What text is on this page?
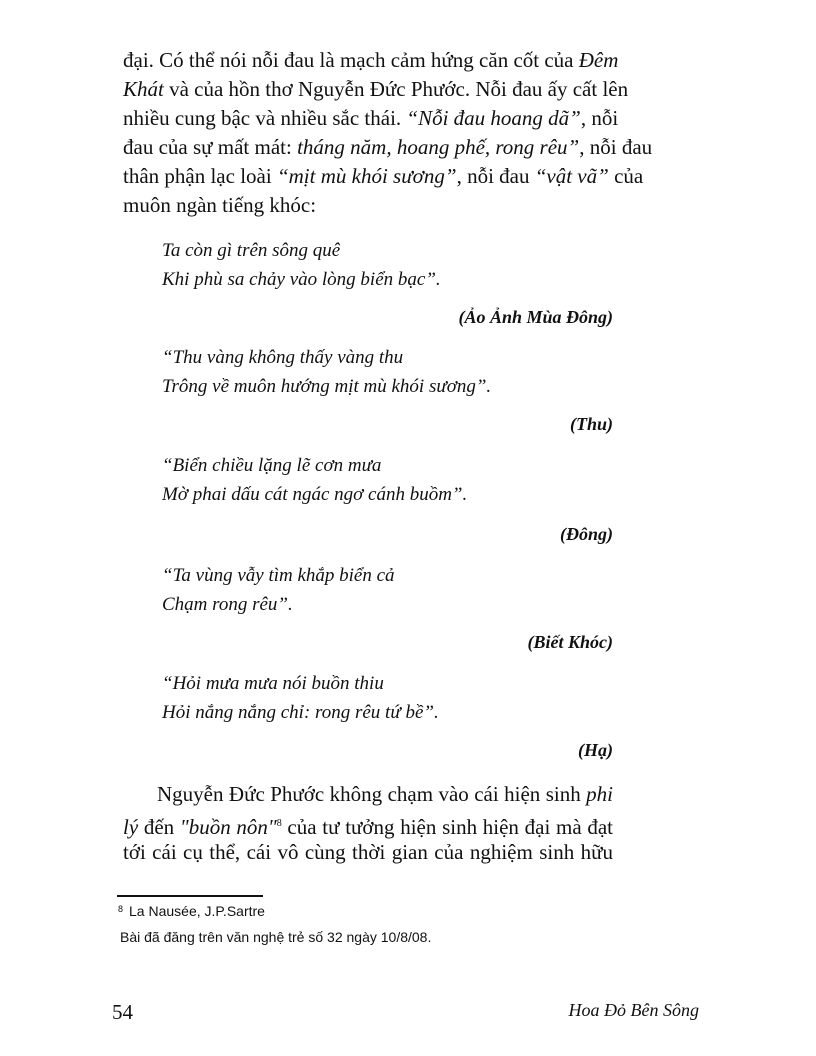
đại. Có thể nói nỗi đau là mạch cảm hứng căn cốt của Đêm
Khát và của hồn thơ Nguyễn Đức Phước. Nỗi đau ấy cất lên
nhiều cung bậc và nhiều sắc thái. “Nỗi đau hoang dã”, nỗi
đau của sự mất mát: tháng năm, hoang phế, rong rêu”, nỗi đau
thân phận lạc loài “mịt mù khói sương”, nỗi đau “vật vã” của
muôn ngàn tiếng khóc:
Ta còn gì trên sông quê
Khi phù sa chảy vào lòng biển bạc”.
(Ảo Ảnh Mùa Đông)
“Thu vàng không thấy vàng thu
Trông về muôn hướng mịt mù khói sương”.
(Thu)
“Biển chiều lặng lẽ cơn mưa
Mờ phai dấu cát ngác ngơ cánh buồm”.
(Đông)
“Ta vùng vẫy tìm khắp biển cả
Chạm rong rêu”.
(Biết Khóc)
“Hỏi mưa mưa nói buồn thiu
Hỏi nắng nắng chỉ: rong rêu tứ bề”.
(Hạ)
Nguyễn Đức Phước không chạm vào cái hiện sinh phi
lý đến "buồn nôn"$^8$ của tư tưởng hiện sinh hiện đại mà đạt
tới cái cụ thể, cái vô cùng thời gian của nghiệm sinh hữu
$^8$ La Nausée, J.P.Sartre
Bài đã đăng trên văn nghệ trẻ số 32 ngày 10/8/08.
54	Hoa Đỏ Bên Sông
